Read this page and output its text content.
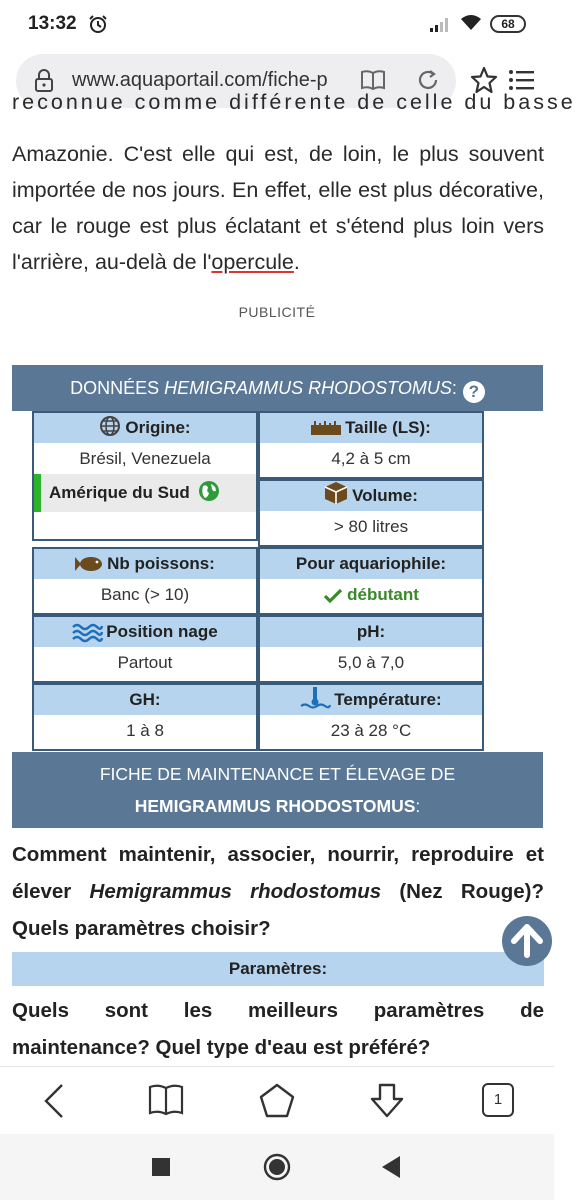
13:32	68
www.aquaportail.com/fiche-p
reconnue comme différente de celle du basse
Amazonie. C'est elle qui est, de loin, le plus souvent importée de nos jours. En effet, elle est plus décorative, car le rouge est plus éclatant et s'étend plus loin vers l'arrière, au-delà de l'opercule.
PUBLICITÉ
DONNÉES HEMIGRAMMUS RHODOSTOMUS: ?
Origine:
Brésil, Venezuela
Amérique du Sud
Taille (LS):
4,2 à 5 cm
Volume:
> 80 litres
Nb poissons:
Banc (> 10)
Pour aquariophile:
débutant
Position nage
Partout
pH:
5,0 à 7,0
GH:
1 à 8
Température:
23 à 28 °C
FICHE DE MAINTENANCE ET ÉLEVAGE DE
HEMIGRAMMUS RHODOSTOMUS:
Comment maintenir, associer, nourrir, reproduire et élever Hemigrammus rhodostomus (Nez Rouge)? Quels paramètres choisir?
Paramètres:
Quels sont les meilleurs paramètres de
maintenance? Quel type d'eau est préféré?
1
